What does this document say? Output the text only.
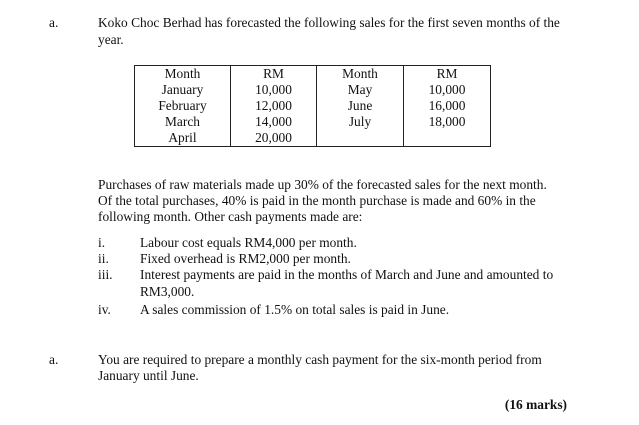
a.	Koko Choc Berhad has forecasted the following sales for the first seven months of the
year.
Month	RM	Month	RM
January	10,000	May	10,000
February	12,000	June	16,000
March	14,000	July	18,000
April	20,000		
Purchases of raw materials made up 30% of the forecasted sales for the next month.
Of the total purchases, 40% is paid in the month purchase is made and 60% in the
following month. Other cash payments made are:
i.	Labour cost equals RM4,000 per month.
ii.	Fixed overhead is RM2,000 per month.
iii.	Interest payments are paid in the months of March and June and amounted to
RM3,000.
iv.	A sales commission of 1.5% on total sales is paid in June.
a.	You are required to prepare a monthly cash payment for the six-month period from
January until June.
(16 marks)
